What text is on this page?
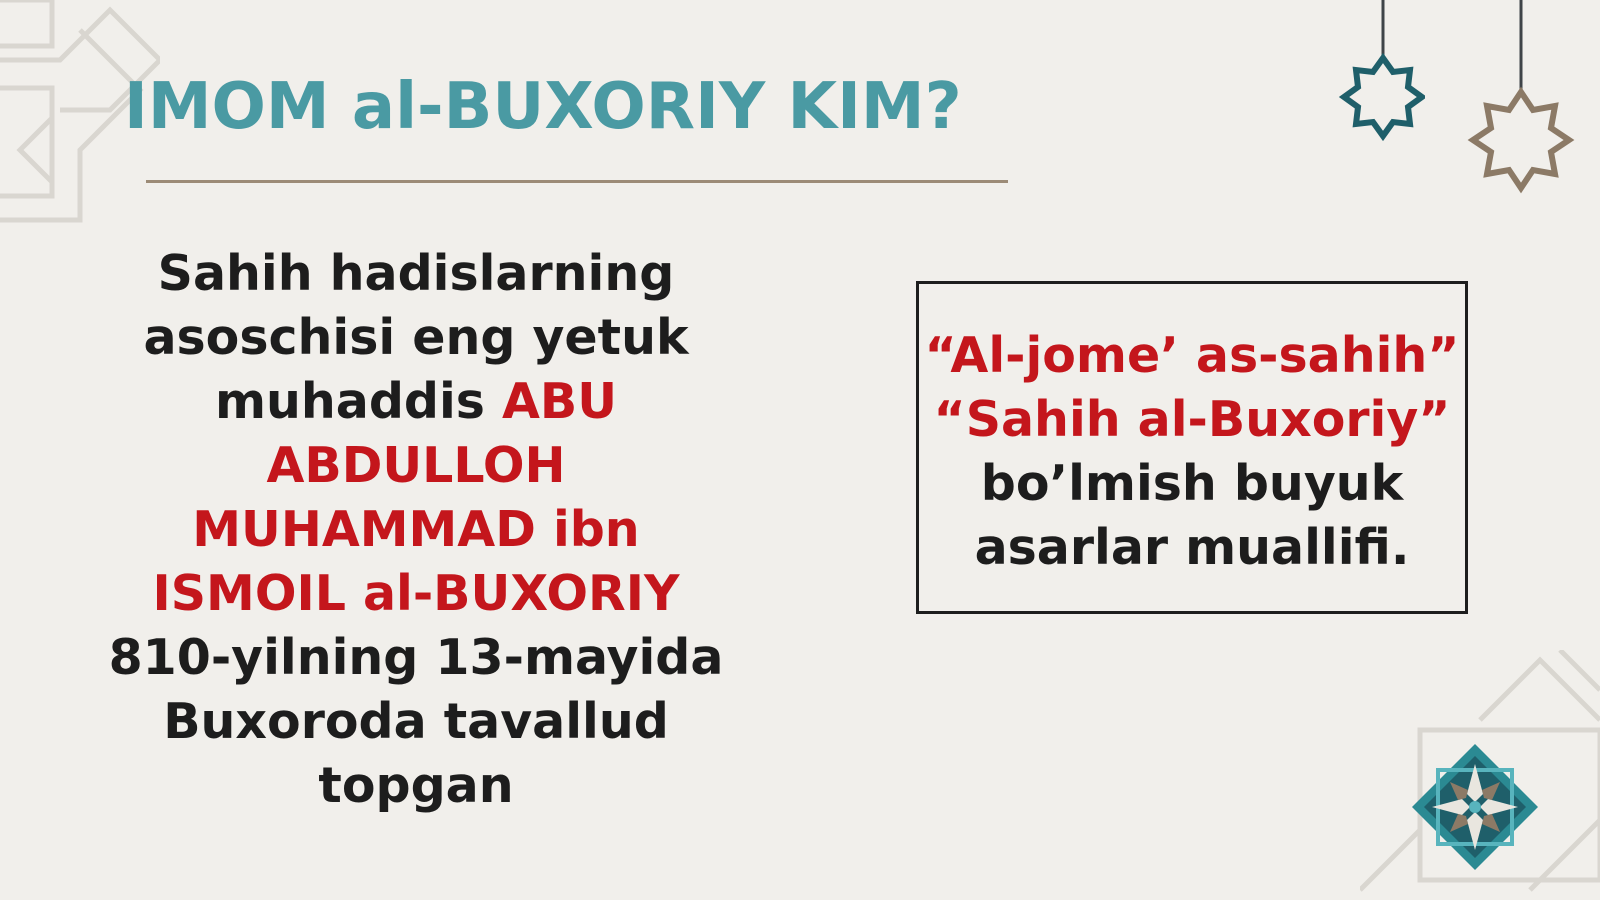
IMOM al-BUXORIY KIM?

Sahih hadislarning
asoschisi eng yetuk
muhaddis ABU
ABDULLOH
MUHAMMAD ibn
ISMOIL al-BUXORIY
810-yilning 13-mayida
Buxoroda tavallud
topgan

“Al-jome’ as-sahih”
“Sahih al-Buxoriy”
bo’lmish buyuk
asarlar muallifi.
